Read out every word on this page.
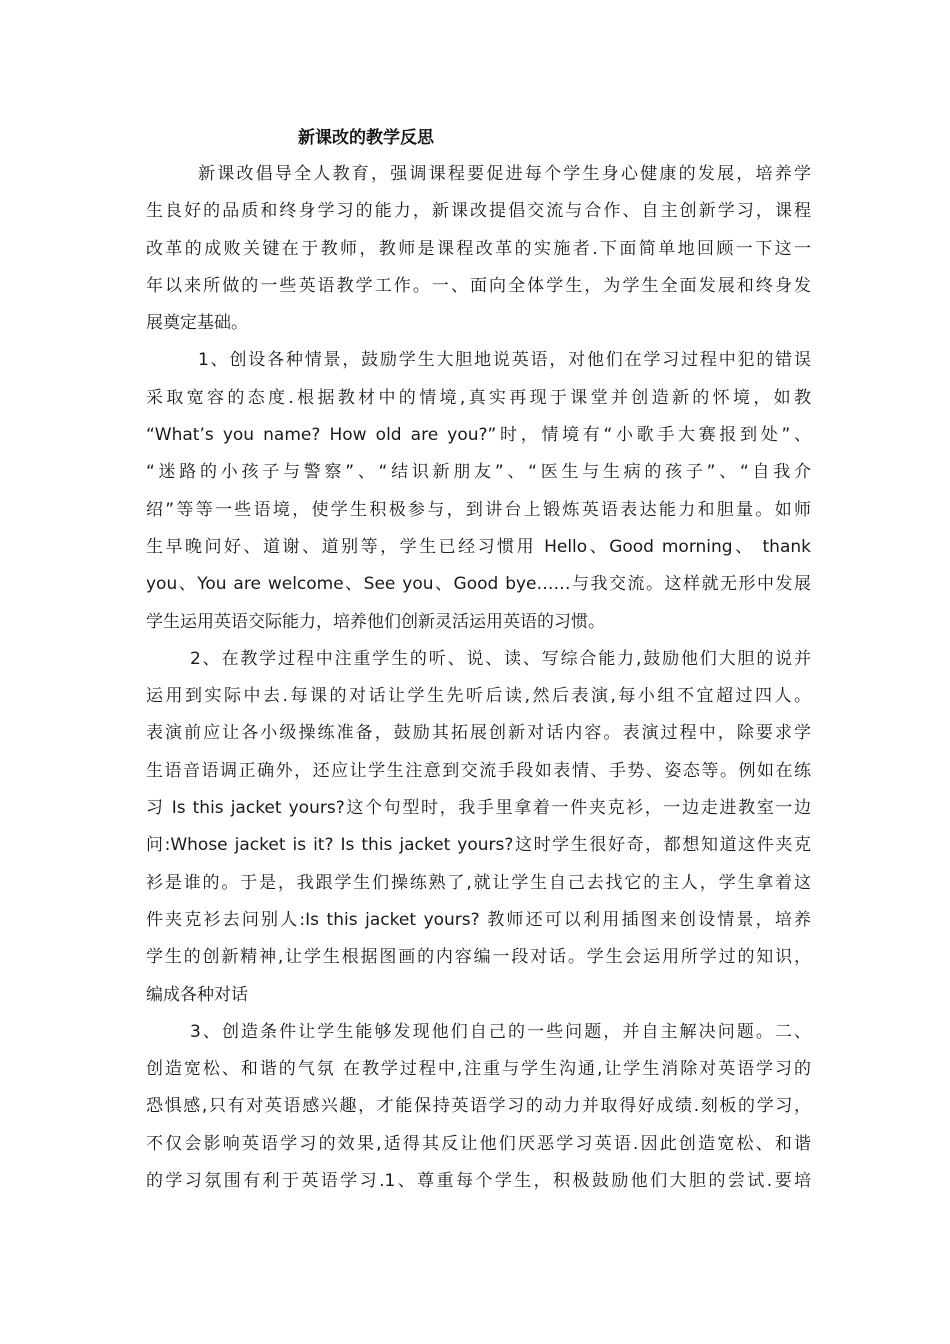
新课改的教学反思
新课改倡导全人教育，强调课程要促进每个学生身心健康的发展，培养学
生良好的品质和终身学习的能力，新课改提倡交流与合作、自主创新学习，课程
改革的成败关键在于教师，教师是课程改革的实施者.下面简单地回顾一下这一
年以来所做的一些英语教学工作。一、面向全体学生，为学生全面发展和终身发
展奠定基础。
1、创设各种情景，鼓励学生大胆地说英语，对他们在学习过程中犯的错误
采取宽容的态度.根据教材中的情境,真实再现于课堂并创造新的怀境，如教
“What’s you name? How old are you?”时，情境有“小歌手大赛报到处”、
“迷路的小孩子与警察”、“结识新朋友”、“医生与生病的孩子”、“自我介
绍”等等一些语境，使学生积极参与，到讲台上锻炼英语表达能力和胆量。如师
生早晚问好、道谢、道别等，学生已经习惯用 Hello、Good morning、 thank
you、You are welcome、See you、Good bye……与我交流。这样就无形中发展
学生运用英语交际能力，培养他们创新灵活运用英语的习惯。
2、在教学过程中注重学生的听、说、读、写综合能力,鼓励他们大胆的说并
运用到实际中去.每课的对话让学生先听后读,然后表演,每小组不宜超过四人。
表演前应让各小级操练准备，鼓励其拓展创新对话内容。表演过程中，除要求学
生语音语调正确外，还应让学生注意到交流手段如表情、手势、姿态等。例如在练
习 Is this jacket yours?这个句型时，我手里拿着一件夹克衫，一边走进教室一边
问:Whose jacket is it? Is this jacket yours?这时学生很好奇，都想知道这件夹克
衫是谁的。于是，我跟学生们操练熟了,就让学生自己去找它的主人，学生拿着这
件夹克衫去问别人:Is this jacket yours? 教师还可以利用插图来创设情景，培养
学生的创新精神,让学生根据图画的内容编一段对话。学生会运用所学过的知识，
编成各种对话
3、创造条件让学生能够发现他们自己的一些问题，并自主解决问题。二、
创造宽松、和谐的气氛 在教学过程中,注重与学生沟通,让学生消除对英语学习的
恐惧感,只有对英语感兴趣，才能保持英语学习的动力并取得好成绩.刻板的学习，
不仅会影响英语学习的效果,适得其反让他们厌恶学习英语.因此创造宽松、和谐
的学习氛围有利于英语学习.1、尊重每个学生，积极鼓励他们大胆的尝试.要培
